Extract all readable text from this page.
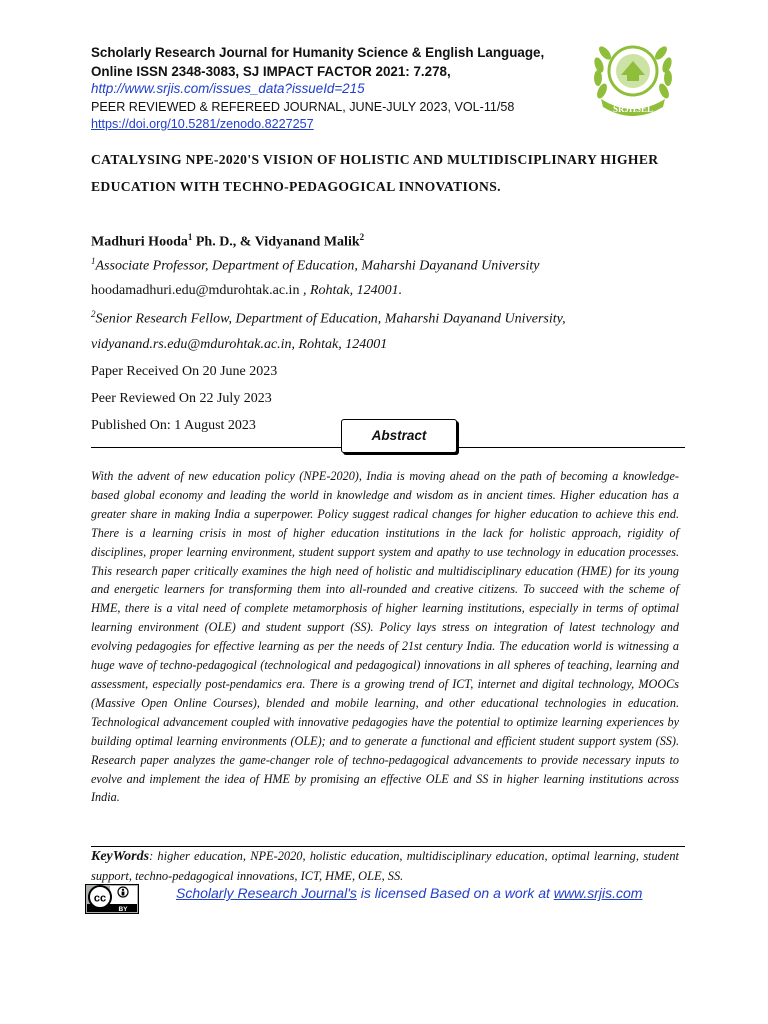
Scholarly Research Journal for Humanity Science & English Language,
Online ISSN 2348-3083, SJ IMPACT FACTOR 2021: 7.278,
http://www.srjis.com/issues_data?issueId=215
PEER REVIEWED & REFEREED JOURNAL, JUNE-JULY 2023, VOL-11/58
https://doi.org/10.5281/zenodo.8227257
SRJHSEL
CATALYSING NPE-2020'S VISION OF HOLISTIC AND MULTIDISCIPLINARY HIGHER EDUCATION WITH TECHNO-PEDAGOGICAL INNOVATIONS.
Madhuri Hooda$^1$ Ph. D., & Vidyanand Malik$^2$
$^1$Associate Professor, Department of Education, Maharshi Dayanand University
hoodamadhuri.edu@mdurohtak.ac.in , Rohtak, 124001.
$^2$Senior Research Fellow, Department of Education, Maharshi Dayanand University,
vidyanand.rs.edu@mdurohtak.ac.in, Rohtak, 124001
Paper Received On 20 June 2023
Peer Reviewed On 22 July 2023
Published On: 1 August 2023
Abstract
With the advent of new education policy (NPE-2020), India is moving ahead on the path of becoming a knowledge-based global economy and leading the world in knowledge and wisdom as in ancient times. Higher education has a greater share in making India a superpower. Policy suggest radical changes for higher education to achieve this end. There is a learning crisis in most of higher education institutions in the lack for holistic approach, rigidity of disciplines, proper learning environment, student support system and apathy to use technology in education processes. This research paper critically examines the high need of holistic and multidisciplinary education (HME) for its young and energetic learners for transforming them into all-rounded and creative citizens. To succeed with the scheme of HME, there is a vital need of complete metamorphosis of higher learning institutions, especially in terms of optimal learning environment (OLE) and student support (SS). Policy lays stress on integration of latest technology and evolving pedagogies for effective learning as per the needs of 21st century India. The education world is witnessing a huge wave of techno-pedagogical (technological and pedagogical) innovations in all spheres of teaching, learning and assessment, especially post-pendamics era. There is a growing trend of ICT, internet and digital technology, MOOCs (Massive Open Online Courses), blended and mobile learning, and other educational technologies in education. Technological advancement coupled with innovative pedagogies have the potential to optimize learning experiences by building optimal learning environments (OLE); and to generate a functional and efficient student support system (SS). Research paper analyzes the game-changer role of techno-pedagogical advancements to provide necessary inputs to evolve and implement the idea of HME by promising an effective OLE and SS in higher learning institutions across India.
KeyWords: higher education, NPE-2020, holistic education, multidisciplinary education, optimal learning, student support, techno-pedagogical innovations, ICT, HME, OLE, SS.
cc
BY
Scholarly Research Journal's is licensed Based on a work at www.srjis.com
